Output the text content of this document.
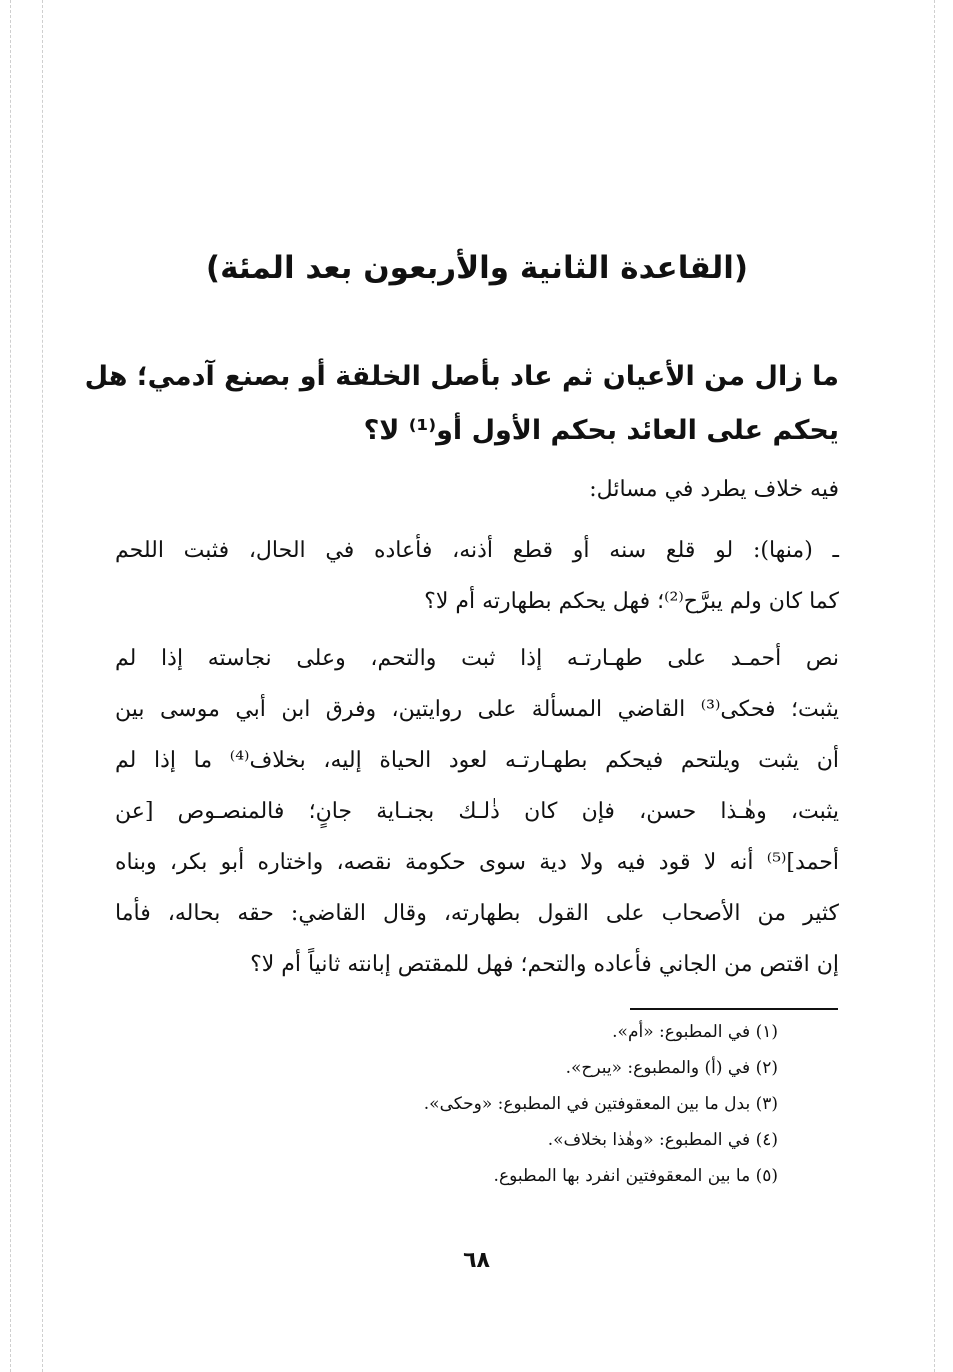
(القاعدة الثانية والأربعون بعد المئة)
ما زال من الأعيان ثم عاد بأصل الخلقة أو بصنع آدمي؛ هل
يحكم على العائد بحكم الأول أو⁽¹⁾ لا؟
فيه خلاف يطرد في مسائل:
ـ (منها): لو قلع سنه أو قطع أذنه، فأعاده في الحال، فثبت اللحم
كما كان ولم يبرَّح⁽²⁾؛ فهل يحكم بطهارته أم لا؟
نص أحمـد على طهـارتـه إذا ثبت والتحم، وعلى نجاسته إذا لم
يثبت؛ فحكى⁽³⁾ القاضي المسألة على روايتين، وفرق ابن أبي موسى بين
أن يثبت ويلتحم فيحكم بطهـارتـه لعود الحياة إليه، بخلاف⁽⁴⁾ ما إذا لم
يثبت، وهٰـذا حسن، فإن كان ذٰلـك بجنـاية جانٍ؛ فالمنصـوص [عن
أحمد]⁽⁵⁾ أنه لا قود فيه ولا دية سوى حكومة نقصه، واختاره أبو بكر، وبناه
كثير من الأصحاب على القول بطهارته، وقال القاضي: حقه بحاله، فأما
إن اقتص من الجاني فأعاده والتحم؛ فهل للمقتص إبانته ثانياً أم لا؟
(١) في المطبوع: «أم».
(٢) في (أ) والمطبوع: «يبرح».
(٣) بدل ما بين المعقوفتين في المطبوع: «وحكى».
(٤) في المطبوع: «وهٰذا بخلاف».
(٥) ما بين المعقوفتين انفرد بها المطبوع.
٦٨
